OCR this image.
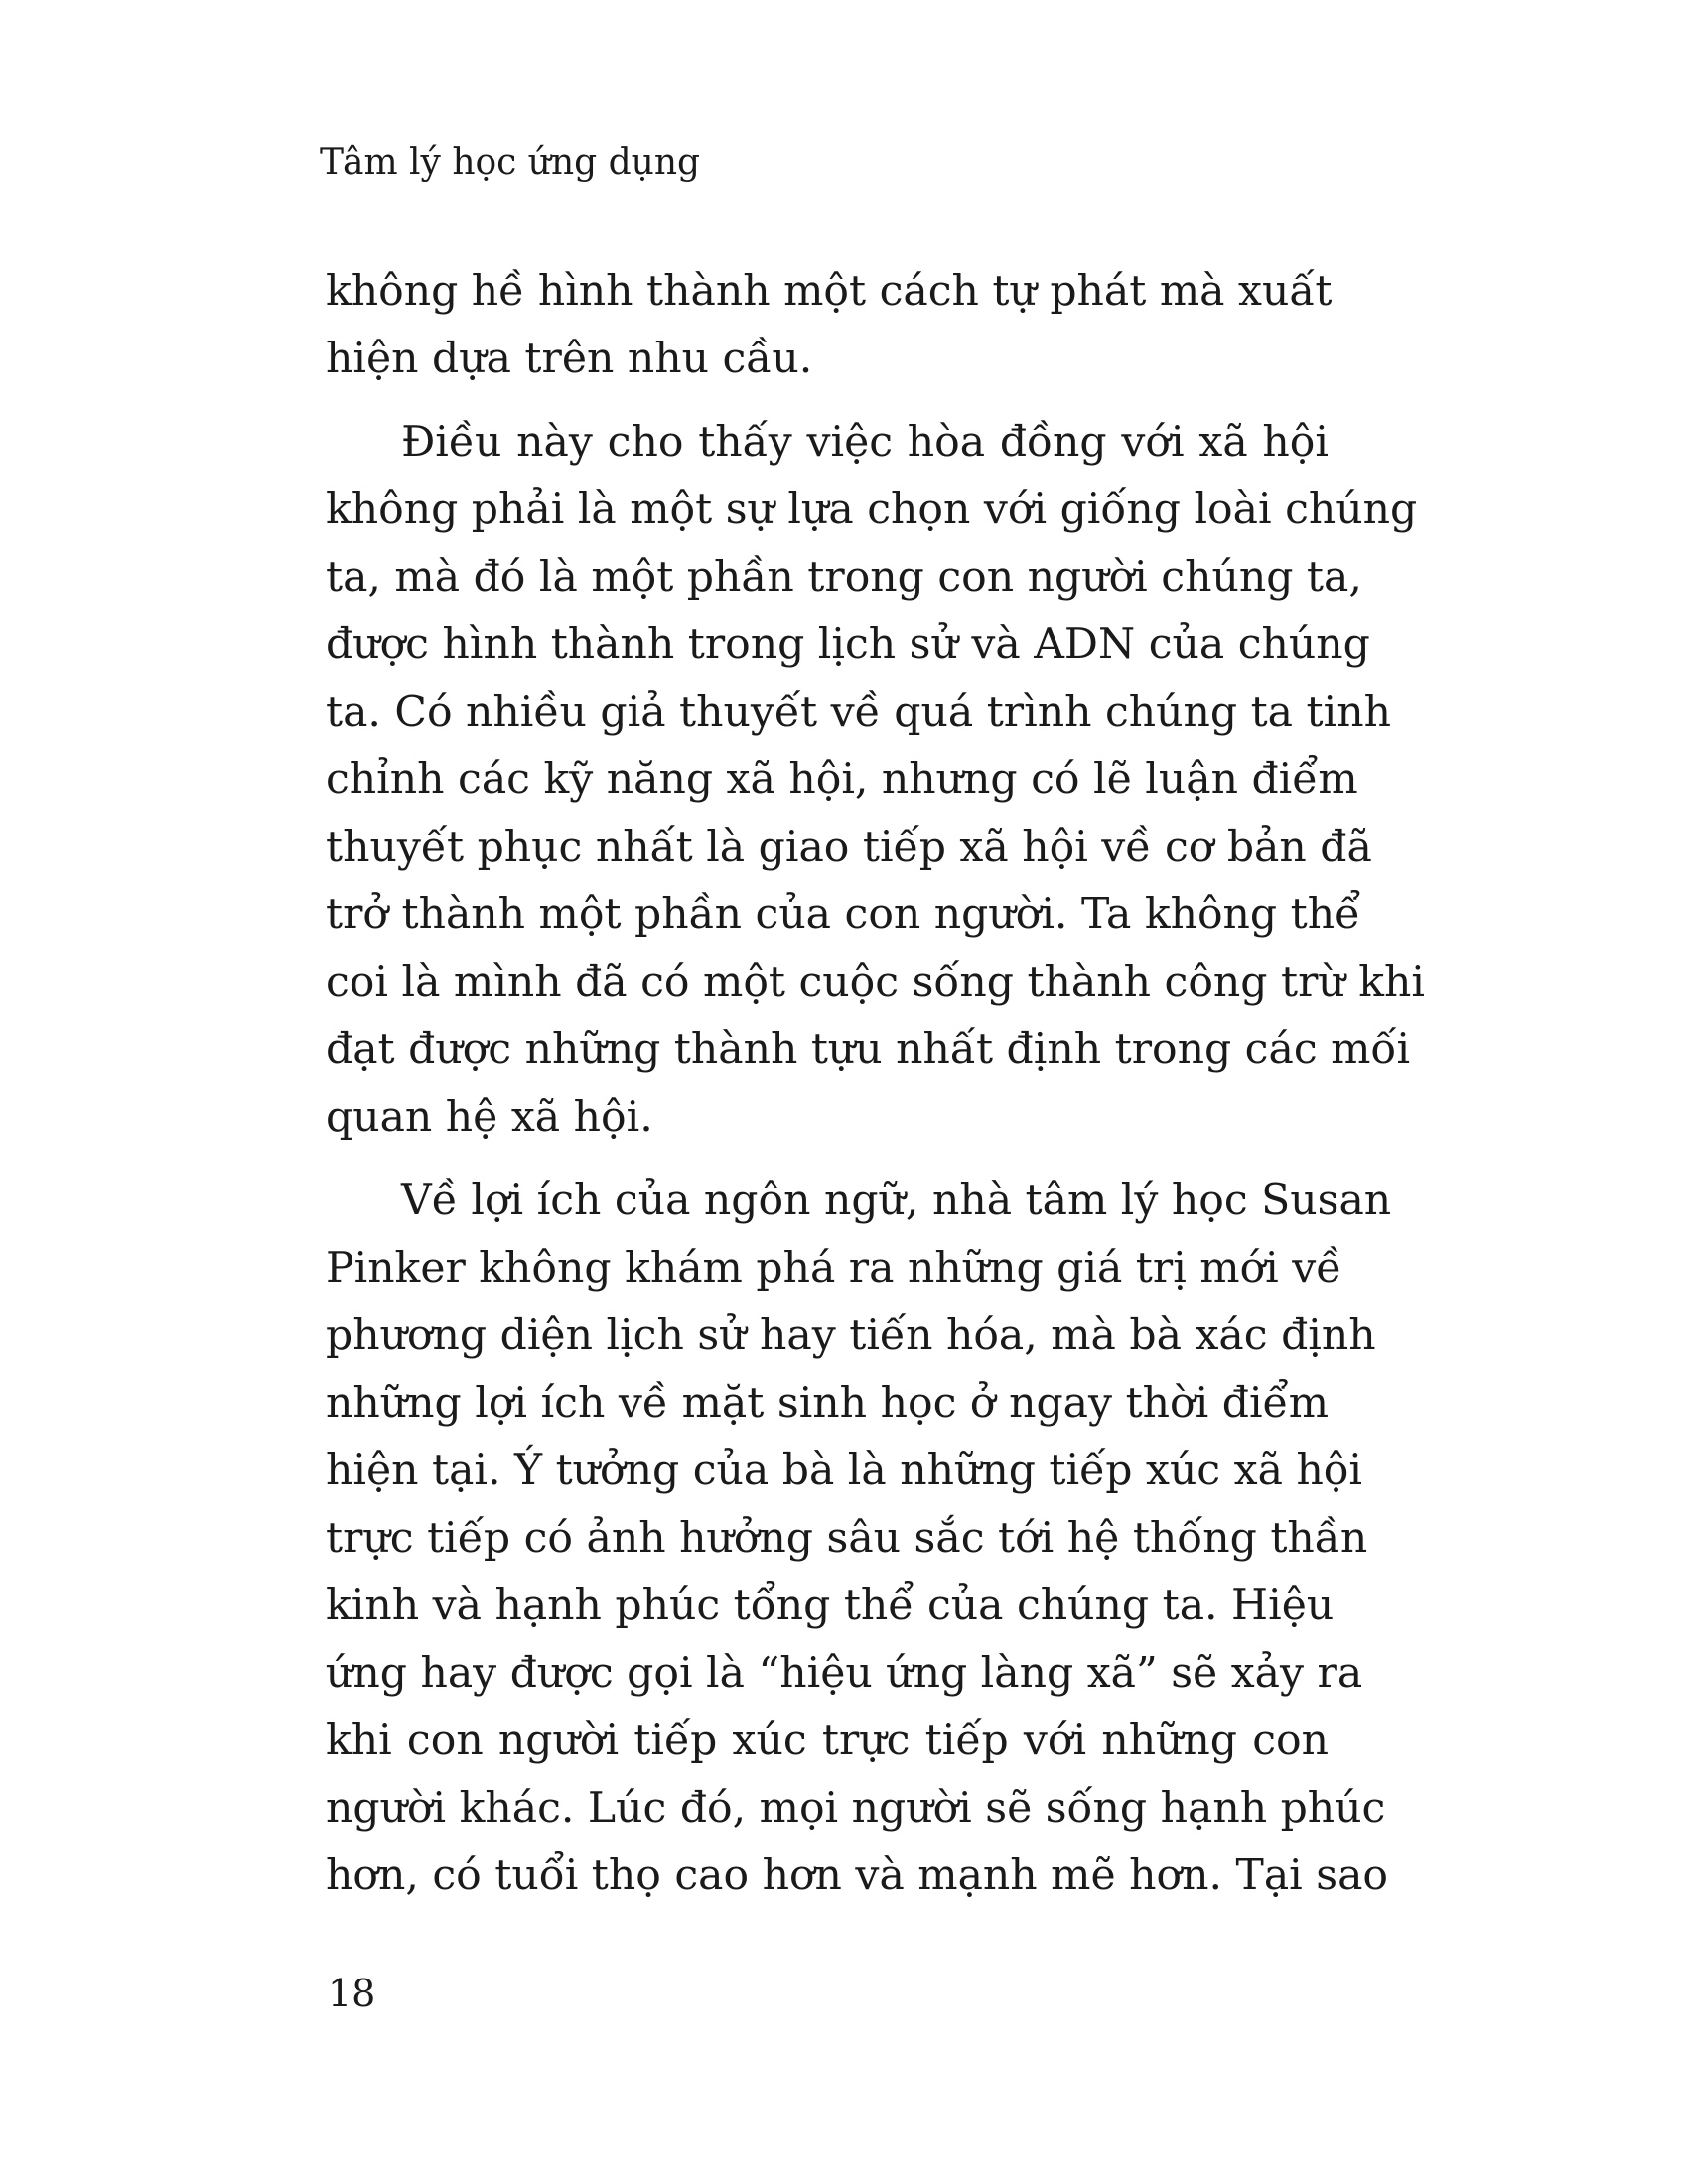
Tâm lý học ứng dụng
không hề hình thành một cách tự phát mà xuất
hiện dựa trên nhu cầu.
Điều này cho thấy việc hòa đồng với xã hội
không phải là một sự lựa chọn với giống loài chúng
ta, mà đó là một phần trong con người chúng ta,
được hình thành trong lịch sử và ADN của chúng
ta. Có nhiều giả thuyết về quá trình chúng ta tinh
chỉnh các kỹ năng xã hội, nhưng có lẽ luận điểm
thuyết phục nhất là giao tiếp xã hội về cơ bản đã
trở thành một phần của con người. Ta không thể
coi là mình đã có một cuộc sống thành công trừ khi
đạt được những thành tựu nhất định trong các mối
quan hệ xã hội.
Về lợi ích của ngôn ngữ, nhà tâm lý học Susan
Pinker không khám phá ra những giá trị mới về
phương diện lịch sử hay tiến hóa, mà bà xác định
những lợi ích về mặt sinh học ở ngay thời điểm
hiện tại. Ý tưởng của bà là những tiếp xúc xã hội
trực tiếp có ảnh hưởng sâu sắc tới hệ thống thần
kinh và hạnh phúc tổng thể của chúng ta. Hiệu
ứng hay được gọi là “hiệu ứng làng xã” sẽ xảy ra
khi con người tiếp xúc trực tiếp với những con
người khác. Lúc đó, mọi người sẽ sống hạnh phúc
hơn, có tuổi thọ cao hơn và mạnh mẽ hơn. Tại sao
18
